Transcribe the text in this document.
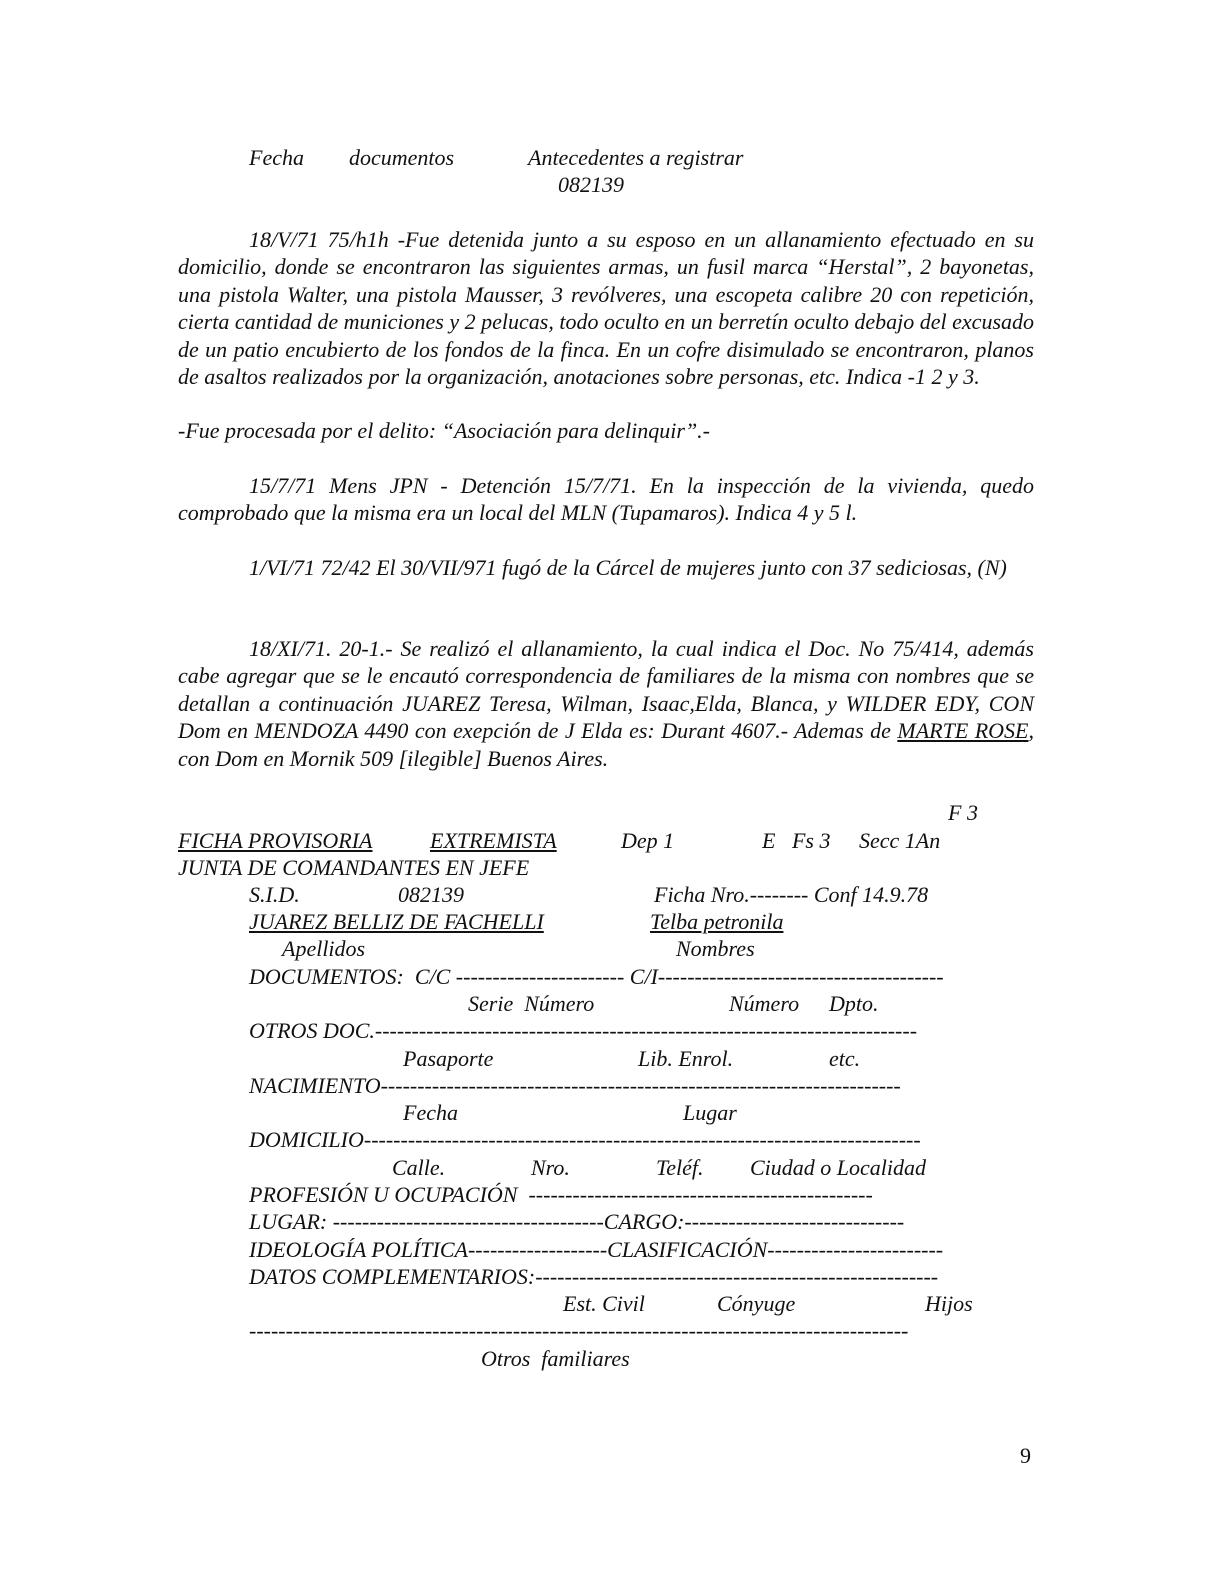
Fecha documentos	Antecedentes a registrar
082139

18/V/71 75/h1h -Fue detenida junto a su esposo en un allanamiento efectuado en su domicilio, donde se encontraron las siguientes armas, un fusil marca “Herstal”, 2 bayonetas, una pistola Walter, una pistola Mausser, 3 revólveres, una escopeta calibre 20 con repetición, cierta cantidad de municiones y 2 pelucas, todo oculto en un berretín oculto debajo del excusado de un patio encubierto de los fondos de la finca. En un cofre disimulado se encontraron, planos de asaltos realizados por la organización, anotaciones sobre personas, etc. Indica -1 2 y 3.

-Fue procesada por el delito: “Asociación para delinquir”.-

15/7/71 Mens JPN - Detención 15/7/71. En la inspección de la vivienda, quedo comprobado que la misma era un local del MLN (Tupamaros). Indica 4 y 5 l.

1/VI/71 72/42 El 30/VII/971 fugó de la Cárcel de mujeres junto con 37 sediciosas, (N)

18/XI/71. 20-1.- Se realizó el allanamiento, la cual indica el Doc. No 75/414, además cabe agregar que se le encautó correspondencia de familiares de la misma con nombres que se detallan a continuación JUAREZ Teresa, Wilman, Isaac,Elda, Blanca, y WILDER EDY, CON Dom en MENDOZA 4490 con exepción de J Elda es: Durant 4607.- Ademas de MARTE ROSE, con Dom en Mornik 509 [ilegible] Buenos Aires.

F 3
FICHA PROVISORIA	EXTREMISTA	Dep 1	E   Fs 3 Secc 1An
JUNTA DE COMANDANTES EN JEFE
S.I.D.	082139	Ficha Nro.-------- Conf 14.9.78
JUAREZ BELLIZ DE FACHELLI	Telba petronila
Apellidos	Nombres
DOCUMENTOS:  C/C ----------------------- C/I---------------------------------------
Serie  Número	Número Dpto.
OTROS DOC.--------------------------------------------------------------------------
Pasaporte	Lib. Enrol.	etc.
NACIMIENTO-----------------------------------------------------------------------
Fecha	Lugar
DOMICILIO----------------------------------------------------------------------------
Calle.	Nro.	Teléf. Ciudad o Localidad
PROFESIÓN U OCUPACIÓN  -----------------------------------------------
LUGAR: -------------------------------------CARGO:------------------------------
IDEOLOGÍA POLÍTICA-------------------CLASIFICACIÓN------------------------
DATOS COMPLEMENTARIOS:-------------------------------------------------------
Est. Civil	Cónyuge	Hijos
------------------------------------------------------------------------------------------
Otros  familiares
9
